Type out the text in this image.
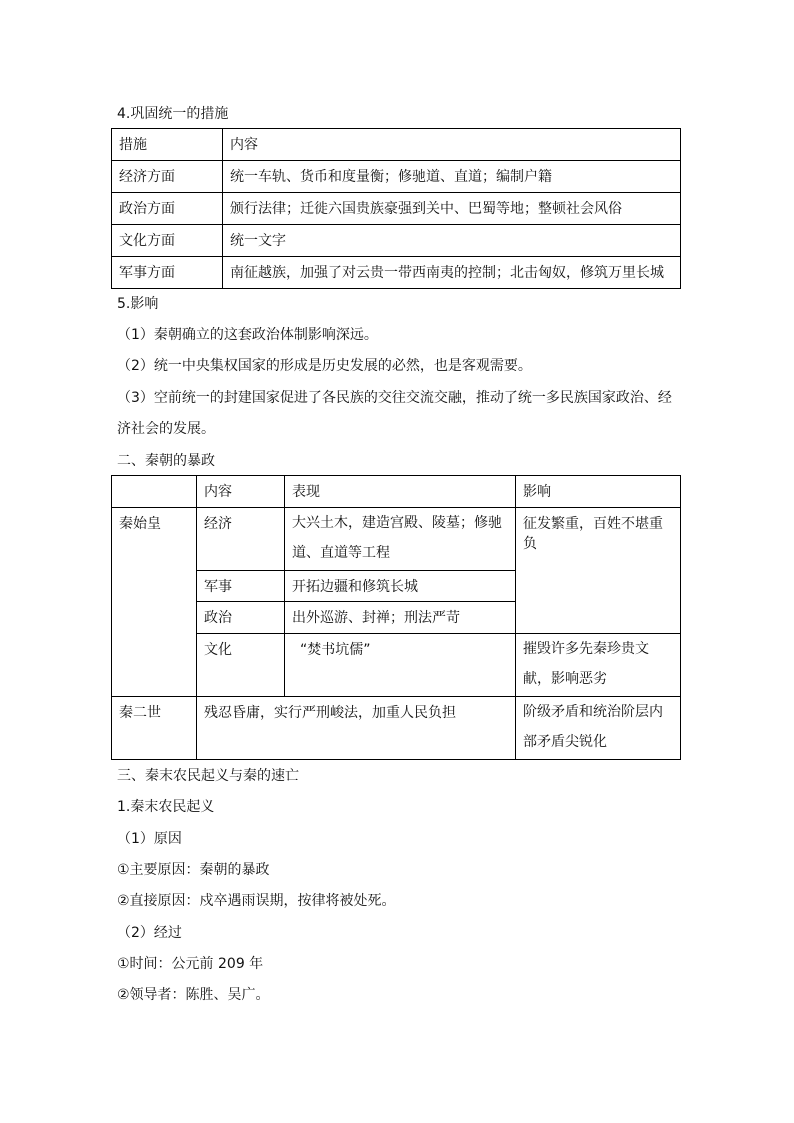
4.巩固统一的措施
措施	内容
经济方面	统一车轨、货币和度量衡；修驰道、直道；编制户籍
政治方面	颁行法律；迁徙六国贵族豪强到关中、巴蜀等地；整顿社会风俗
文化方面	统一文字
军事方面	南征越族，加强了对云贵一带西南夷的控制；北击匈奴，修筑万里长城
5.影响
（1）秦朝确立的这套政治体制影响深远。
（2）统一中央集权国家的形成是历史发展的必然，也是客观需要。
（3）空前统一的封建国家促进了各民族的交往交流交融，推动了统一多民族国家政治、经
济社会的发展。
二、秦朝的暴政
	内容	表现	影响
秦始皇	经济	大兴土木，建造宫殿、陵墓；修驰道、直道等工程	征发繁重，百姓不堪重负
	军事	开拓边疆和修筑长城	
	政治	出外巡游、封禅；刑法严苛	
	文化	“焚书坑儒”	摧毁许多先秦珍贵文献，影响恶劣

秦二世	残忍昏庸，实行严刑峻法，加重人民负担		阶级矛盾和统治阶层内部矛盾尖锐化
三、秦末农民起义与秦的速亡
1.秦末农民起义
（1）原因
①主要原因：秦朝的暴政
②直接原因：戍卒遇雨误期，按律将被处死。
（2）经过
①时间：公元前 209 年
②领导者：陈胜、吴广。
